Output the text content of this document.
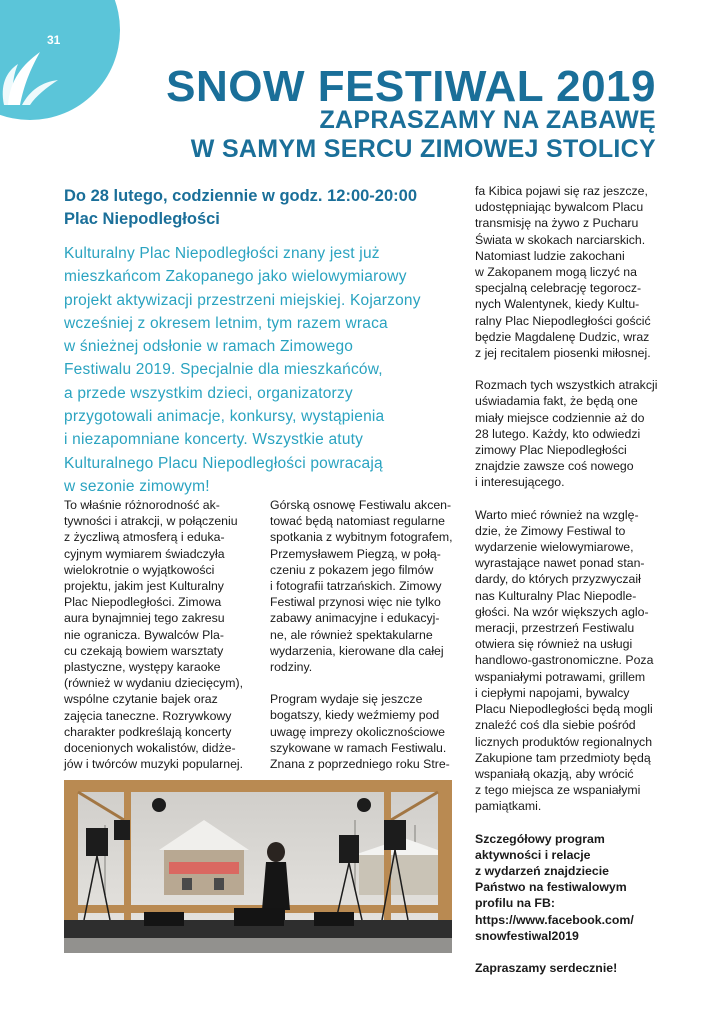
31
SNOW FESTIWAL 2019
ZAPRASZAMY NA ZABAWĘ
W SAMYM SERCU ZIMOWEJ STOLICY
Do 28 lutego, codziennie w godz. 12:00-20:00
Plac Niepodległości
Kulturalny Plac Niepodległości znany jest już
mieszkańcom Zakopanego jako wielowymiarowy
projekt aktywizacji przestrzeni miejskiej. Kojarzony
wcześniej z okresem letnim, tym razem wraca
w śnieżnej odsłonie w ramach Zimowego
Festiwalu 2019. Specjalnie dla mieszkańców,
a przede wszystkim dzieci, organizatorzy
przygotowali animacje, konkursy, wystąpienia
i niezapomniane koncerty. Wszystkie atuty
Kulturalnego Placu Niepodległości powracają
w sezonie zimowym!

To właśnie różnorodność ak-

tywności i atrakcji, w połączeniu

z życzliwą atmosferą i eduka-

cyjnym wymiarem świadczyła

wielokrotnie o wyjątkowości

projektu, jakim jest Kulturalny

Plac Niepodległości. Zimowa

aura bynajmniej tego zakresu

nie ogranicza. Bywalców Pla-

cu czekają bowiem warsztaty

plastyczne, występy karaoke

(również w wydaniu dziecięcym),

wspólne czytanie bajek oraz

zajęcia taneczne. Rozrywkowy

charakter podkreślają koncerty

docenionych wokalistów, didże-

jów i twórców muzyki popularnej.

Górską osnowę Festiwalu akcen-

tować będą natomiast regularne

spotkania z wybitnym fotografem,

Przemysławem Piegzą, w połą-

czeniu z pokazem jego filmów

i fotografii tatrzańskich. Zimowy

Festiwal przynosi więc nie tylko

zabawy animacyjne i edukacyj-

ne, ale również spektakularne

wydarzenia, kierowane dla całej

rodziny.

Program wydaje się jeszcze

bogatszy, kiedy weźmiemy pod

uwagę imprezy okolicznościowe

szykowane w ramach Festiwalu.

Znana z poprzedniego roku Stre-

fa Kibica pojawi się raz jeszcze,

udostępniając bywalcom Placu

transmisję na żywo z Pucharu

Świata w skokach narciarskich.

Natomiast ludzie zakochani

w Zakopanem mogą liczyć na

specjalną celebrację tegorocz-

nych Walentynek, kiedy Kultu-

ralny Plac Niepodległości gościć

będzie Magdalenę Dudzic, wraz

z jej recitalem piosenki miłosnej.

Rozmach tych wszystkich atrakcji

uświadamia fakt, że będą one

miały miejsce codziennie aż do

28 lutego. Każdy, kto odwiedzi

zimowy Plac Niepodległości

znajdzie zawsze coś nowego

i interesującego.

Warto mieć również na wzglę-

dzie, że Zimowy Festiwal to

wydarzenie wielowymiarowe,

wyrastające nawet ponad stan-

dardy, do których przyzwyczaił

nas Kulturalny Plac Niepodle-

głości. Na wzór większych aglo-

meracji, przestrzeń Festiwalu

otwiera się również na usługi

handlowo-gastronomiczne. Poza

wspaniałymi potrawami, grillem

i ciepłymi napojami, bywalcy

Placu Niepodległości będą mogli

znaleźć coś dla siebie pośród

licznych produktów regionalnych

Zakupione tam przedmioty będą

wspaniałą okazją, aby wrócić

z tego miejsca ze wspaniałymi

pamiątkami.

Szczegółowy program

aktywności i relacje

z wydarzeń znajdziecie

Państwo na festiwalowym

profilu na FB:

https://www.facebook.com/

snowfestiwal2019

Zapraszamy serdecznie!
